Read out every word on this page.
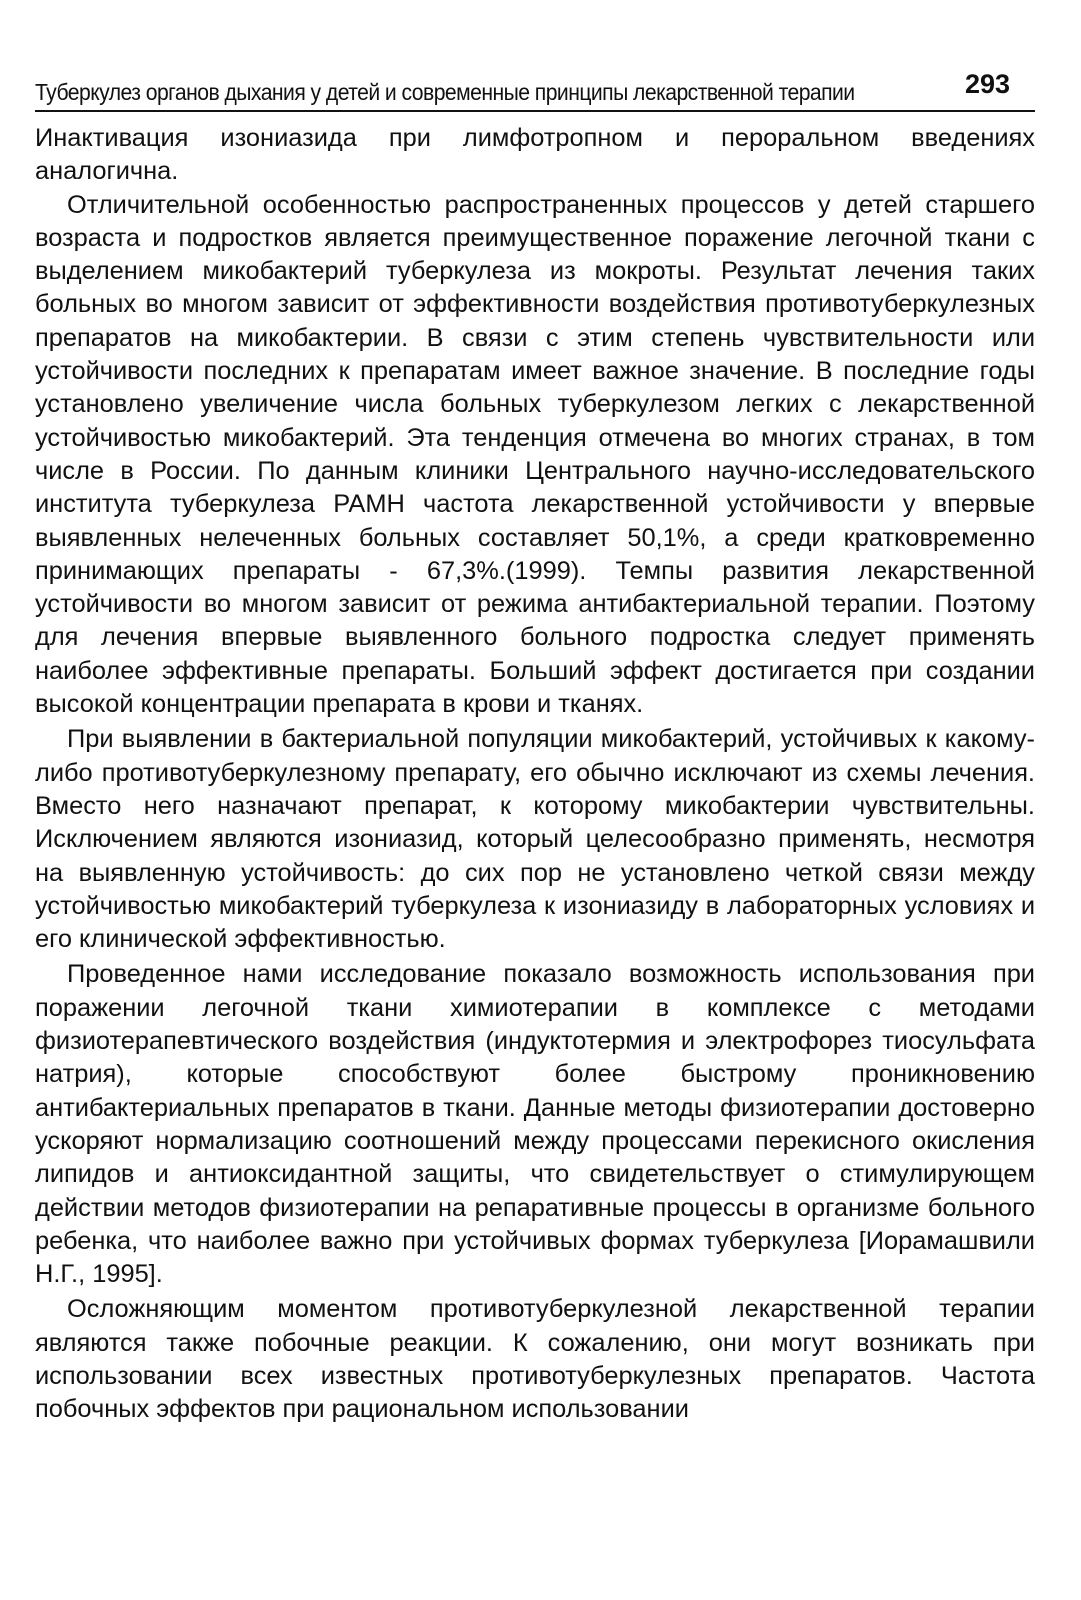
Туберкулез органов дыхания у детей и современные принципы лекарственной терапии	293

Инактивация изониазида при лимфотропном и пероральном введениях аналогична.

Отличительной особенностью распространенных процессов у детей старшего возраста и подростков является преимущественное поражение легочной ткани с выделением микобактерий туберкулеза из мокроты. Результат лечения таких больных во многом зависит от эффективности воздействия противотуберкулезных препаратов на микобактерии. В связи с этим степень чувствительности или устойчивости последних к препаратам имеет важное значение. В последние годы установлено увеличение числа больных туберкулезом легких с лекарственной устойчивостью микобактерий. Эта тенденция отмечена во многих странах, в том числе в России. По данным клиники Центрального научно-исследовательского института туберкулеза РАМН частота лекарственной устойчивости у впервые выявленных нелеченных больных составляет 50,1%, а среди кратковременно принимающих препараты - 67,3%.(1999). Темпы развития лекарственной устойчивости во многом зависит от режима антибактериальной терапии. Поэтому для лечения впервые выявленного больного подростка следует применять наиболее эффективные препараты. Больший эффект достигается при создании высокой концентрации препарата в крови и тканях.

При выявлении в бактериальной популяции микобактерий, устойчивых к какому-либо противотуберкулезному препарату, его обычно исключают из схемы лечения. Вместо него назначают препарат, к которому микобактерии чувствительны. Исключением являются изониазид, который целесообразно применять, несмотря на выявленную устойчивость: до сих пор не установлено четкой связи между устойчивостью микобактерий туберкулеза к изониазиду в лабораторных условиях и его клинической эффективностью.

Проведенное нами исследование показало возможность использования при поражении легочной ткани химиотерапии в комплексе с методами физиотерапевтического воздействия (индуктотермия и электрофорез тиосульфата натрия), которые способствуют более быстрому проникновению антибактериальных препаратов в ткани. Данные методы физиотерапии достоверно ускоряют нормализацию соотношений между процессами перекисного окисления липидов и антиоксидантной защиты, что свидетельствует о стимулирующем действии методов физиотерапии на репаративные процессы в организме больного ребенка, что наиболее важно при устойчивых формах туберкулеза [Иорамашвили Н.Г., 1995].

Осложняющим моментом противотуберкулезной лекарственной терапии являются также побочные реакции. К сожалению, они могут возникать при использовании всех известных противотуберкулезных препаратов. Частота побочных эффектов при рациональном использовании
